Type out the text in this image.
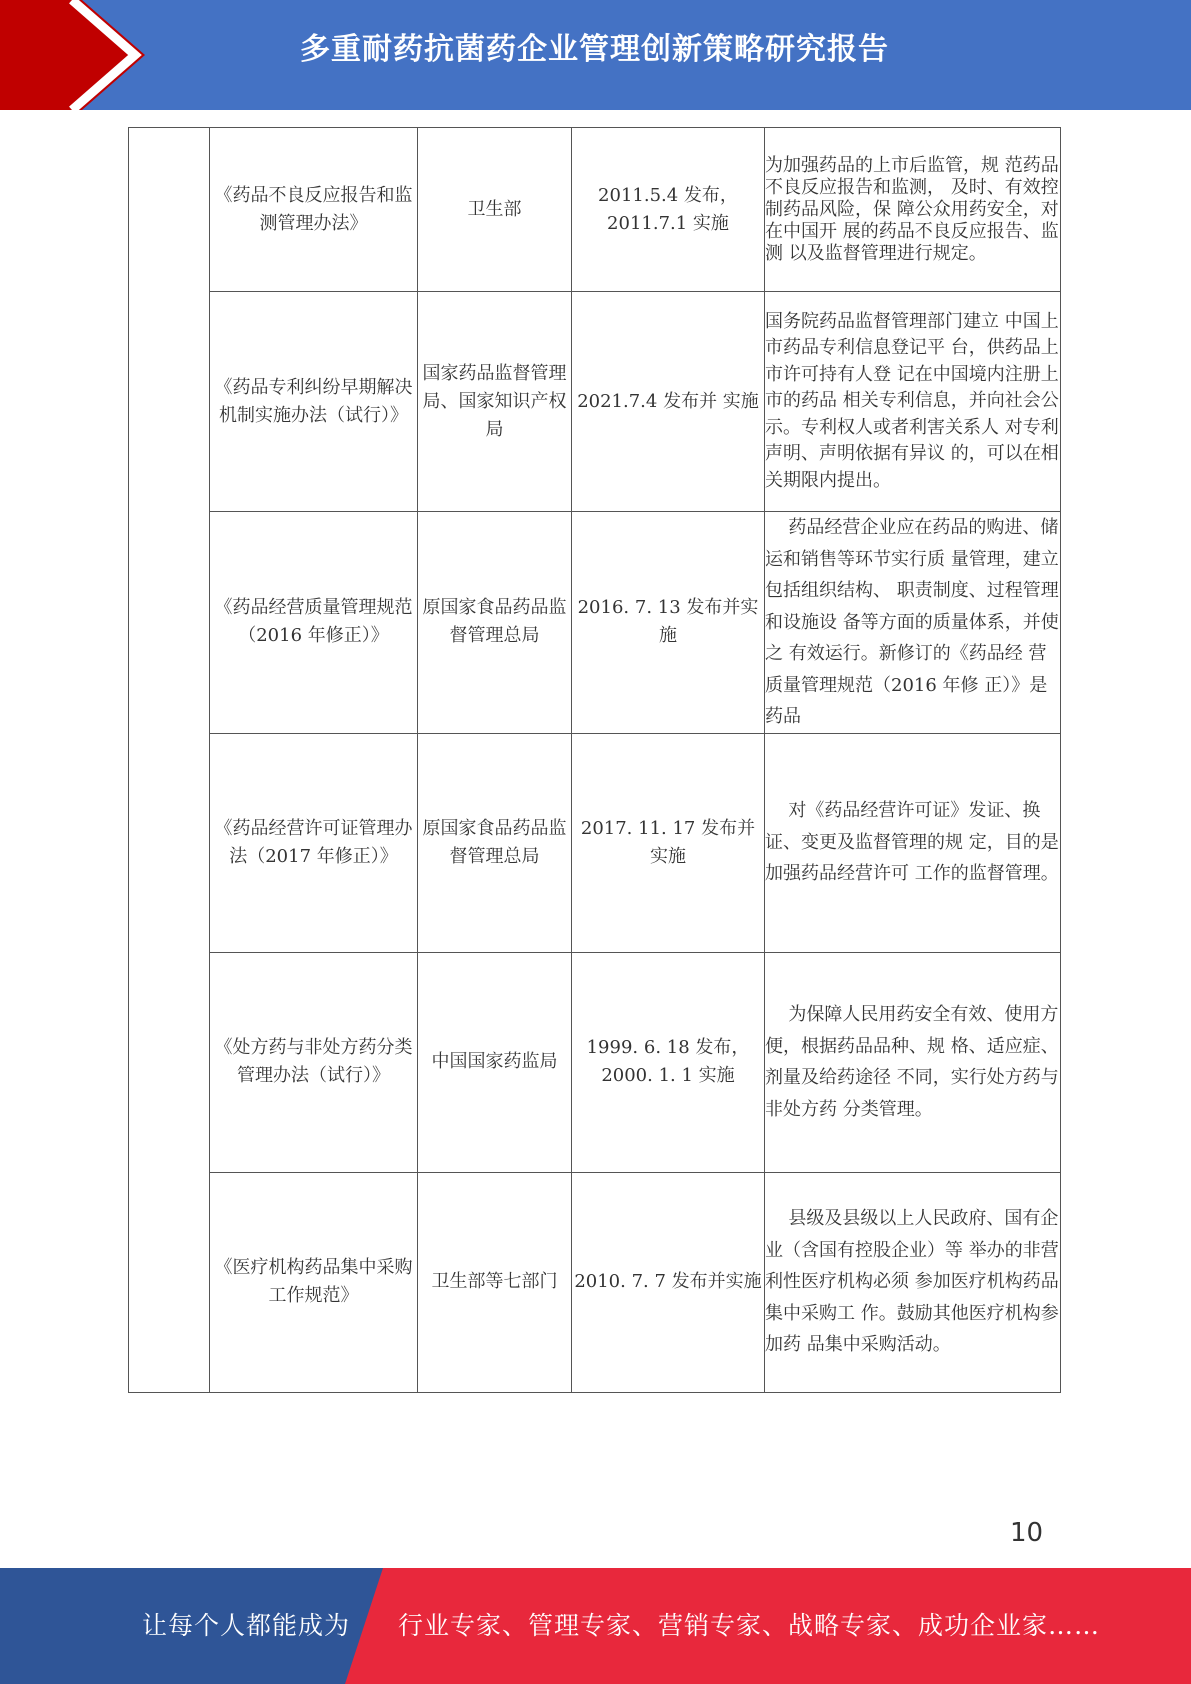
多重耐药抗菌药企业管理创新策略研究报告
	《药品不良反应报告和监测管理办法》	卫生部	2011.5.4 发布，2011.7.1 实施	为加强药品的上市后监管，规 范药品不良反应报告和监测， 及时、有效控制药品风险，保 障公众用药安全，对在中国开 展的药品不良反应报告、监测 以及监督管理进行规定。

	《药品专利纠纷早期解决机制实施办法（试行）》	国家药品监督管理局、国家知识产权局	2021.7.4 发布并 实施	国务院药品监督管理部门建立 中国上市药品专利信息登记平 台，供药品上市许可持有人登 记在中国境内注册上市的药品 相关专利信息，并向社会公 示。专利权人或者利害关系人 对专利声明、声明依据有异议 的，可以在相关期限内提出。

	《药品经营质量管理规范（2016 年修正）》	原国家食品药品监督管理总局	2016. 7. 13 发布并实施	药品经营企业应在药品的购进、储运和销售等环节实行质 量管理，建立包括组织结构、 职责制度、过程管理和设施设 备等方面的质量体系，并使之 有效运行。新修订的《药品经 营质量管理规范（2016 年修 正）》是药品

	《药品经营许可证管理办法（2017 年修正）》	原国家食品药品监督管理总局	2017. 11. 17 发布并实施	对《药品经营许可证》发证、换证、变更及监督管理的规 定，目的是加强药品经营许可 工作的监督管理。

	《处方药与非处方药分类管理办法（试行）》	中国国家药监局	1999. 6. 18 发布，2000. 1. 1 实施	为保障人民用药安全有效、使用方便，根据药品品种、规 格、适应症、剂量及给药途径 不同，实行处方药与非处方药 分类管理。

	《医疗机构药品集中采购工作规范》	卫生部等七部门	2010. 7. 7 发布并实施	县级及县级以上人民政府、国有企业（含国有控股企业）等 举办的非营利性医疗机构必须 参加医疗机构药品集中采购工 作。鼓励其他医疗机构参加药 品集中采购活动。
10
让每个人都能成为 行业专家、管理专家、营销专家、战略专家、成功企业家……
